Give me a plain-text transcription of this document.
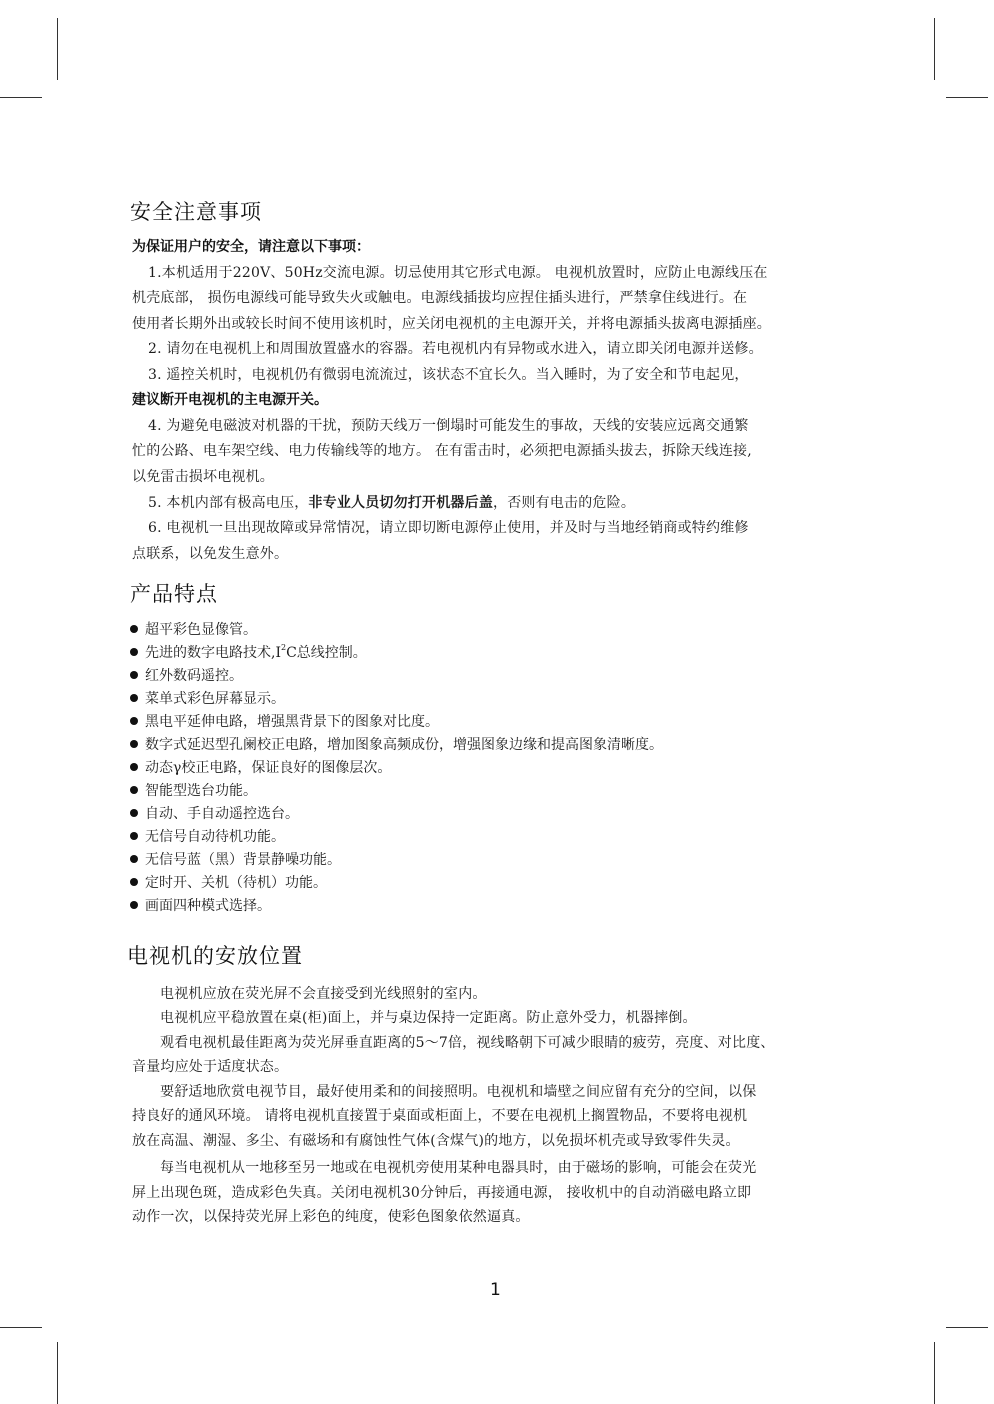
安全注意事项
为保证用户的安全，请注意以下事项：
1.本机适用于220V、50Hz交流电源。切忌使用其它形式电源。 电视机放置时，应防止电源线压在
机壳底部， 损伤电源线可能导致失火或触电。电源线插拔均应捏住插头进行，严禁拿住线进行。在
使用者长期外出或较长时间不使用该机时，应关闭电视机的主电源开关，并将电源插头拔离电源插座。
2. 请勿在电视机上和周围放置盛水的容器。若电视机内有异物或水进入，请立即关闭电源并送修。
3. 遥控关机时，电视机仍有微弱电流流过，该状态不宜长久。当入睡时，为了安全和节电起见，
建议断开电视机的主电源开关。
4. 为避免电磁波对机器的干扰，预防天线万一倒塌时可能发生的事故，天线的安装应远离交通繁
忙的公路、电车架空线、电力传输线等的地方。 在有雷击时，必须把电源插头拔去，拆除天线连接,
以免雷击损坏电视机。
5. 本机内部有极高电压，非专业人员切勿打开机器后盖，否则有电击的危险。
6. 电视机一旦出现故障或异常情况，请立即切断电源停止使用，并及时与当地经销商或特约维修
点联系，以免发生意外。
产品特点
超平彩色显像管。
先进的数字电路技术$,I^2C$总线控制。
红外数码遥控。
菜单式彩色屏幕显示。
黑电平延伸电路，增强黑背景下的图象对比度。
数字式延迟型孔阑校正电路，增加图象高频成份，增强图象边缘和提高图象清晰度。
动态γ校正电路，保证良好的图像层次。
智能型选台功能。
自动、手自动遥控选台。
无信号自动待机功能。
无信号蓝（黑）背景静噪功能。
定时开、关机（待机）功能。
画面四种模式选择。
电视机的安放位置
电视机应放在荧光屏不会直接受到光线照射的室内。
电视机应平稳放置在桌(柜)面上，并与桌边保持一定距离。防止意外受力，机器摔倒。
观看电视机最佳距离为荧光屏垂直距离的5～7倍，视线略朝下可减少眼睛的疲劳，亮度、对比度、
音量均应处于适度状态。
要舒适地欣赏电视节目，最好使用柔和的间接照明。电视机和墙壁之间应留有充分的空间，以保
持良好的通风环境。 请将电视机直接置于桌面或柜面上，不要在电视机上搁置物品，不要将电视机
放在高温、潮湿、多尘、有磁场和有腐蚀性气体(含煤气)的地方，以免损坏机壳或导致零件失灵。
每当电视机从一地移至另一地或在电视机旁使用某种电器具时，由于磁场的影响，可能会在荧光
屏上出现色斑，造成彩色失真。关闭电视机30分钟后，再接通电源， 接收机中的自动消磁电路立即
动作一次，以保持荧光屏上彩色的纯度，使彩色图象依然逼真。
1
